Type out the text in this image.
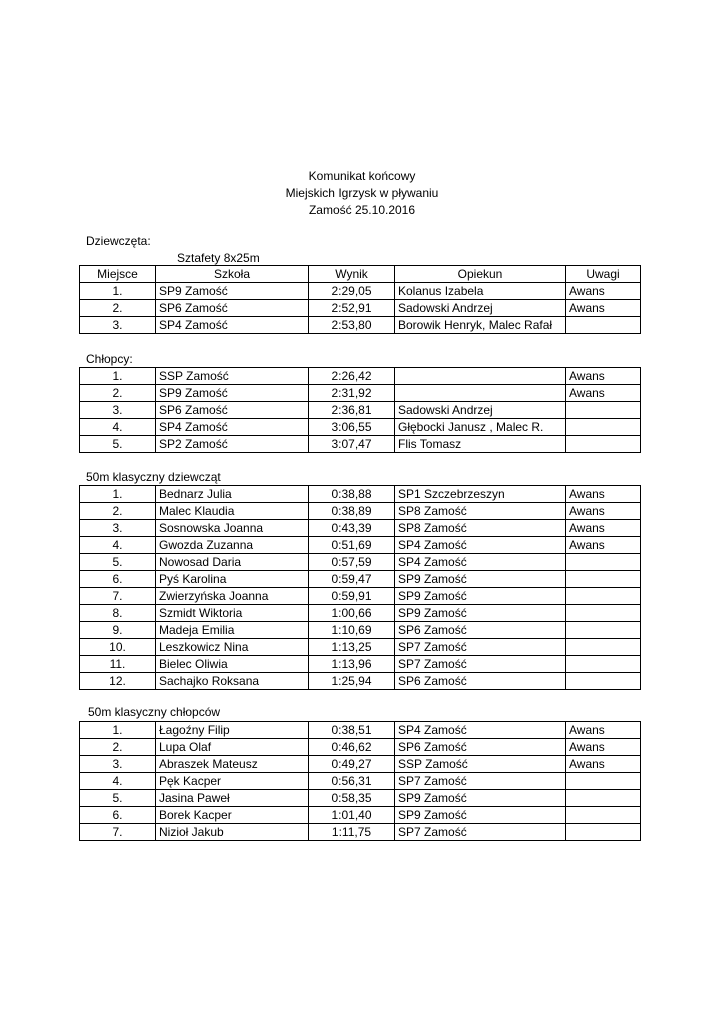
Komunikat końcowy
Miejskich Igrzysk w pływaniu
Zamość 25.10.2016
Dziewczęta:
Sztafety 8x25m
Miejsce	Szkoła	Wynik	Opiekun	Uwagi
1.	SP9 Zamość	2:29,05	Kolanus Izabela	Awans
2.	SP6 Zamość	2:52,91	Sadowski Andrzej	Awans
3.	SP4 Zamość	2:53,80	Borowik Henryk, Malec Rafał	
Chłopcy:
1.	SSP Zamość	2:26,42		Awans
2.	SP9 Zamość	2:31,92		Awans
3.	SP6 Zamość	2:36,81	Sadowski Andrzej	
4.	SP4 Zamość	3:06,55	Głębocki Janusz , Malec R.	
5.	SP2 Zamość	3:07,47	Flis Tomasz	
50m klasyczny dziewcząt
1.	Bednarz Julia	0:38,88	SP1 Szczebrzeszyn	Awans
2.	Malec Klaudia	0:38,89	SP8 Zamość	Awans
3.	Sosnowska Joanna	0:43,39	SP8 Zamość	Awans
4.	Gwozda Zuzanna	0:51,69	SP4 Zamość	Awans
5.	Nowosad Daria	0:57,59	SP4 Zamość	
6.	Pyś Karolina	0:59,47	SP9 Zamość	
7.	Zwierzyńska Joanna	0:59,91	SP9 Zamość	
8.	Szmidt Wiktoria	1:00,66	SP9 Zamość	
9.	Madeja Emilia	1:10,69	SP6 Zamość	
10.	Leszkowicz Nina	1:13,25	SP7 Zamość	
11.	Bielec Oliwia	1:13,96	SP7 Zamość	
12.	Sachajko Roksana	1:25,94	SP6 Zamość	
50m klasyczny chłopców
1.	Łagoźny Filip	0:38,51	SP4 Zamość	Awans
2.	Lupa Olaf	0:46,62	SP6 Zamość	Awans
3.	Abraszek Mateusz	0:49,27	SSP Zamość	Awans
4.	Pęk Kacper	0:56,31	SP7 Zamość	
5.	Jasina Paweł	0:58,35	SP9 Zamość	
6.	Borek Kacper	1:01,40	SP9 Zamość	
7.	Nizioł Jakub	1:11,75	SP7 Zamość	
